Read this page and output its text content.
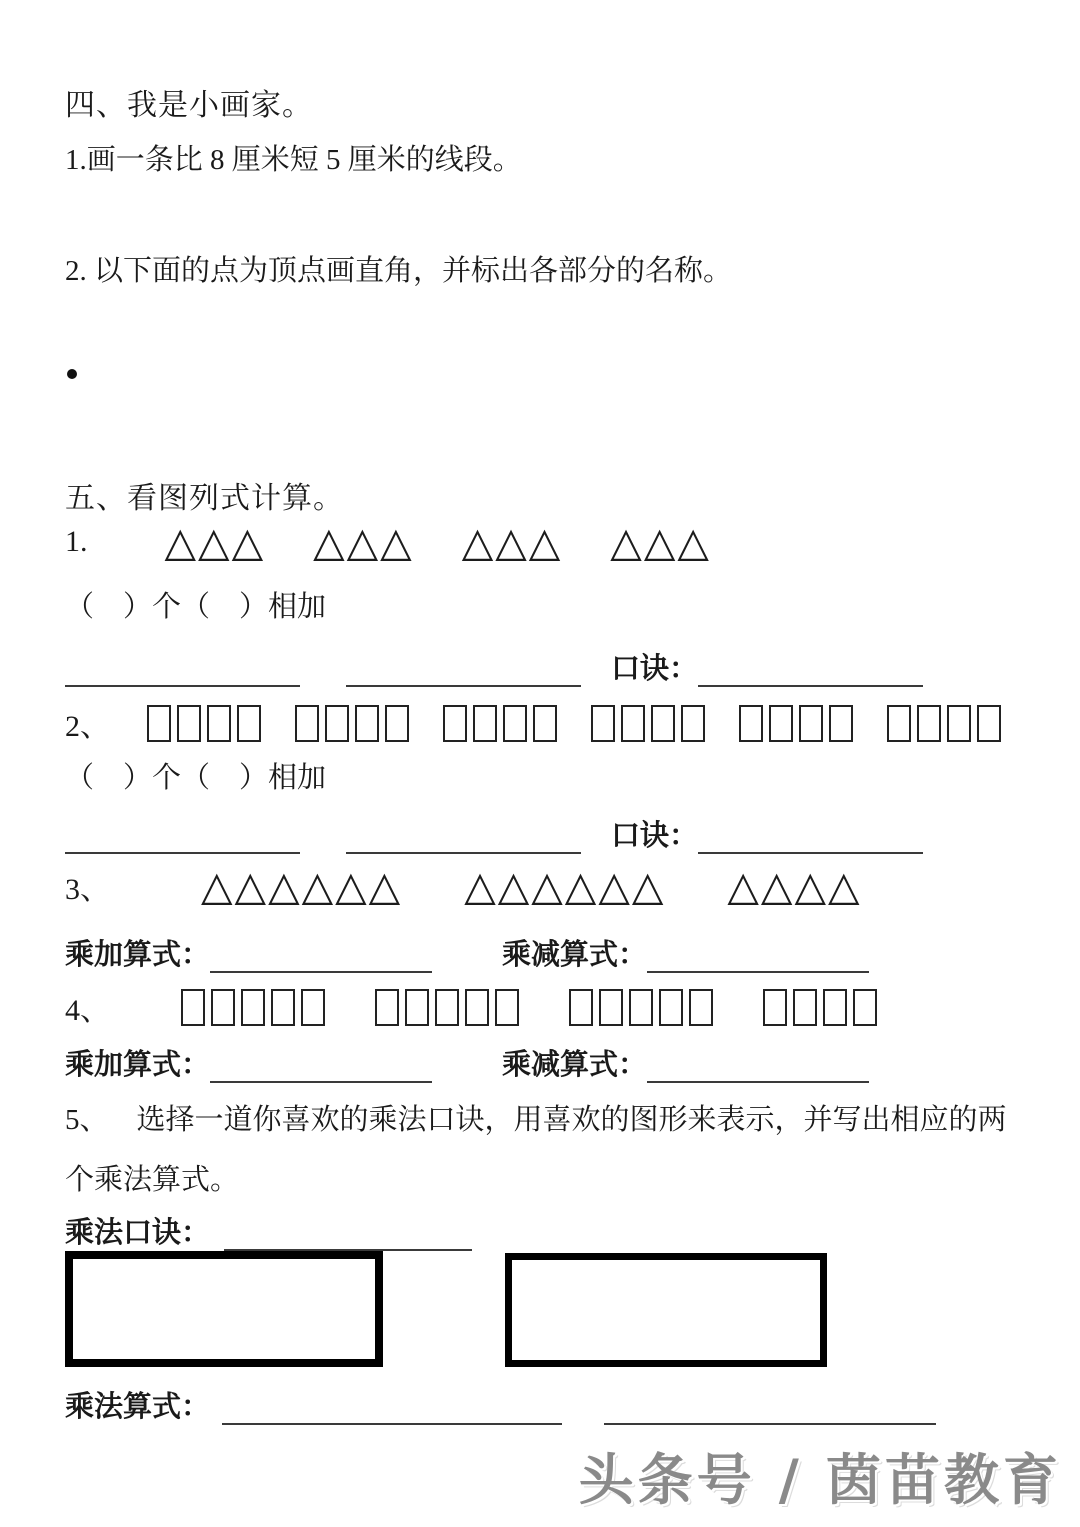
四、我是小画家。
1.画一条比 8 厘米短 5 厘米的线段。
2. 以下面的点为顶点画直角，并标出各部分的名称。
五、看图列式计算。
1. △ △ △ △ △ △ △ △ △ △ △ △
（　）个（　）相加
口诀：
2、
（　）个（　）相加
口诀：
3、 △ △ △ △ △ △ △ △ △ △ △ △ △ △ △ △
乘加算式：	乘减算式：
4、
乘加算式：	乘减算式：
5、 选择一道你喜欢的乘法口诀，用喜欢的图形来表示，并写出相应的两
个乘法算式。
乘法口诀：
乘法算式：
头条号 / 茵苗教育
